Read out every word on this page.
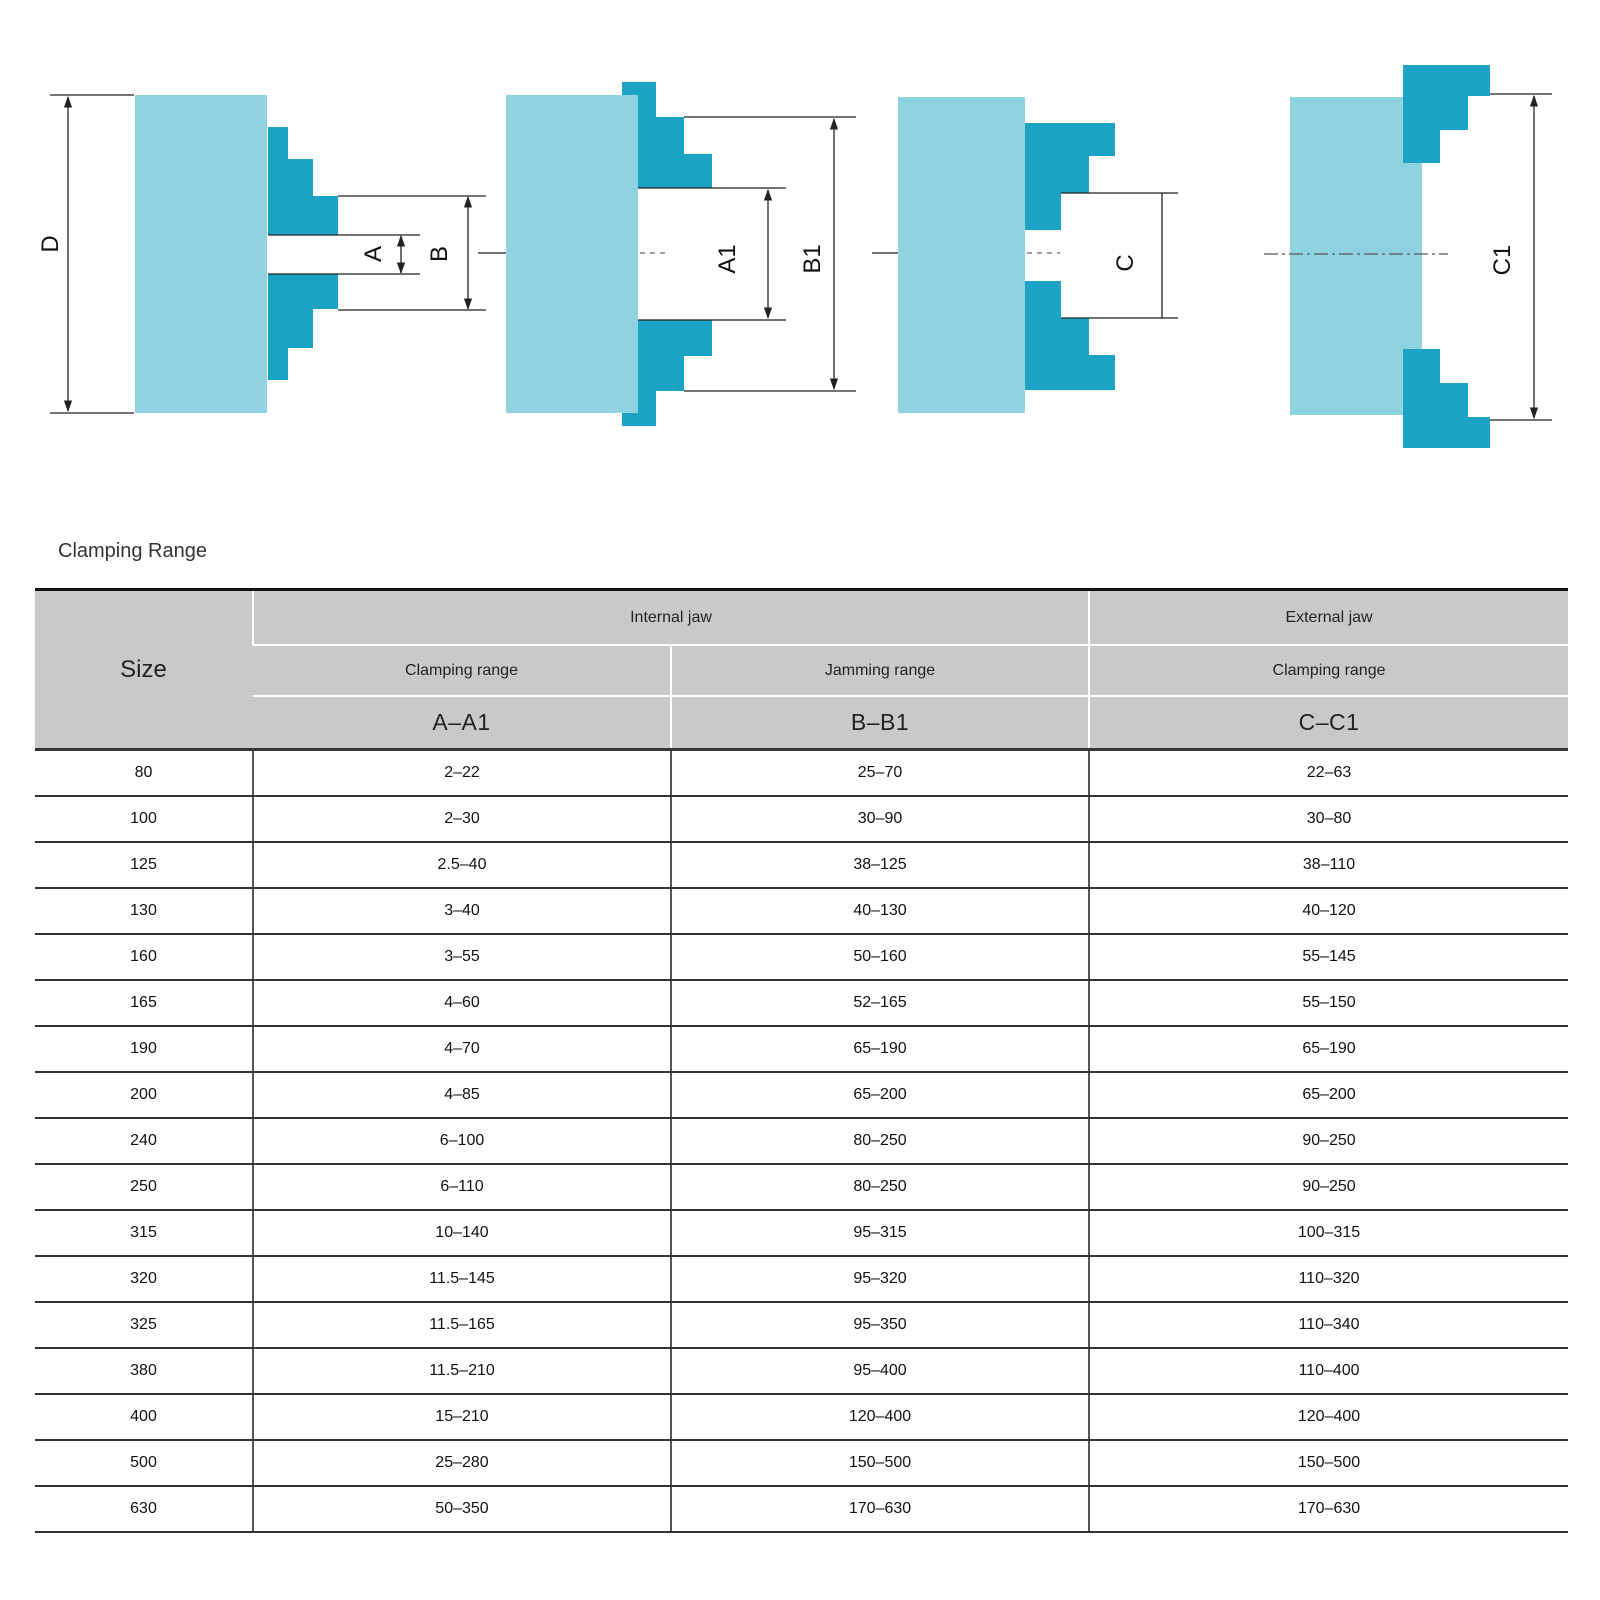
D
A B	A1 B1	C	C1
Clamping Range
Size	Internal jaw		External jaw
	Clamping range	Jamming range	Clamping range
	A–A1	B–B1	C–C1
80	2–22	25–70	22–63
100	2–30	30–90	30–80
125	2.5–40	38–125	38–110
130	3–40	40–130	40–120
160	3–55	50–160	55–145
165	4–60	52–165	55–150
190	4–70	65–190	65–190
200	4–85	65–200	65–200
240	6–100	80–250	90–250
250	6–110	80–250	90–250
315	10–140	95–315	100–315
320	11.5–145	95–320	110–320
325	11.5–165	95–350	110–340
380	11.5–210	95–400	110–400
400	15–210	120–400	120–400
500	25–280	150–500	150–500
630	50–350	170–630	170–630
